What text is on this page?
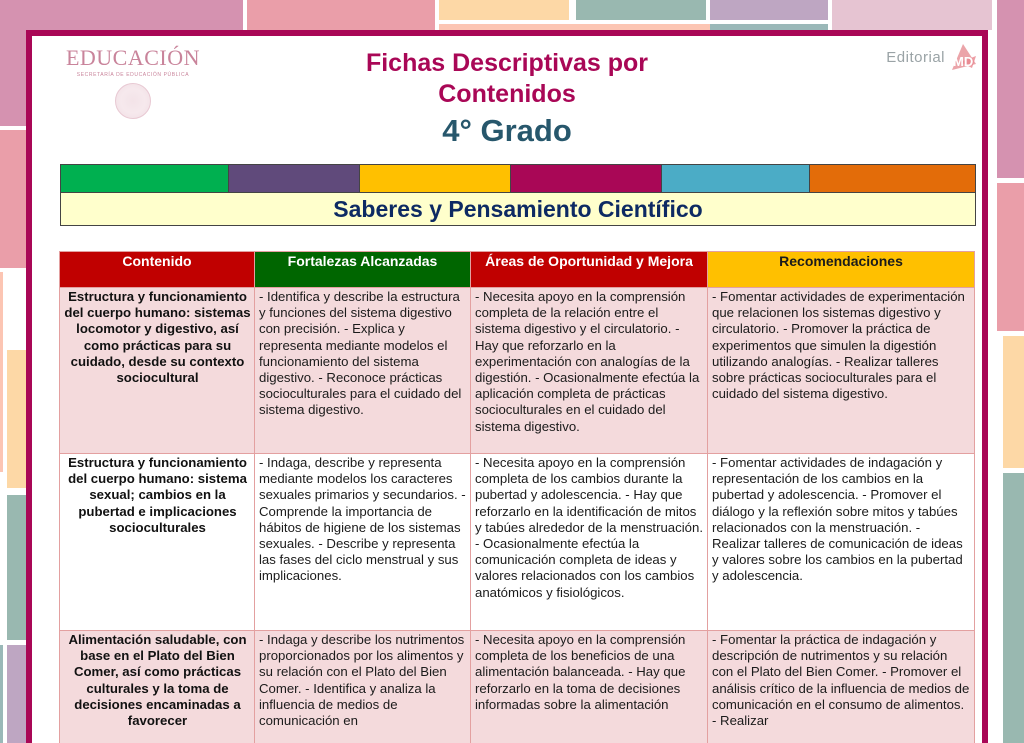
EDUCACIÓN
SECRETARÍA DE EDUCACIÓN PÚBLICA	Fichas Descriptivas por
Contenidos
4° Grado
Editorial MD
Saberes y Pensamiento Científico
Contenido	Fortalezas Alcanzadas	Áreas de Oportunidad y Mejora	Recomendaciones
Estructura y funcionamiento del cuerpo humano: sistemas locomotor y digestivo, así como prácticas para su cuidado, desde su contexto sociocultural	- Identifica y describe la estructura y funciones del sistema digestivo con precisión. - Explica y representa mediante modelos el funcionamiento del sistema digestivo. - Reconoce prácticas socioculturales para el cuidado del sistema digestivo.	- Necesita apoyo en la comprensión completa de la relación entre el sistema digestivo y el circulatorio. - Hay que reforzarlo en la experimentación con analogías de la digestión. - Ocasionalmente efectúa la aplicación completa de prácticas socioculturales en el cuidado del sistema digestivo.	- Fomentar actividades de experimentación que relacionen los sistemas digestivo y circulatorio. - Promover la práctica de experimentos que simulen la digestión utilizando analogías. - Realizar talleres sobre prácticas socioculturales para el cuidado del sistema digestivo.
Estructura y funcionamiento del cuerpo humano: sistema sexual; cambios en la pubertad e implicaciones socioculturales	- Indaga, describe y representa mediante modelos los caracteres sexuales primarios y secundarios. - Comprende la importancia de hábitos de higiene de los sistemas sexuales. - Describe y representa las fases del ciclo menstrual y sus implicaciones.	- Necesita apoyo en la comprensión completa de los cambios durante la pubertad y adolescencia. - Hay que reforzarlo en la identificación de mitos y tabúes alrededor de la menstruación. - Ocasionalmente efectúa la comunicación completa de ideas y valores relacionados con los cambios anatómicos y fisiológicos.	- Fomentar actividades de indagación y representación de los cambios en la pubertad y adolescencia. - Promover el diálogo y la reflexión sobre mitos y tabúes relacionados con la menstruación. - Realizar talleres de comunicación de ideas y valores sobre los cambios en la pubertad y adolescencia.
Alimentación saludable, con base en el Plato del Bien Comer, así como prácticas culturales y la toma de decisiones encaminadas a favorecer	- Indaga y describe los nutrimentos proporcionados por los alimentos y su relación con el Plato del Bien Comer. - Identifica y analiza la influencia de medios de comunicación en	- Necesita apoyo en la comprensión completa de los beneficios de una alimentación balanceada. - Hay que reforzarlo en la toma de decisiones informadas sobre la alimentación	- Fomentar la práctica de indagación y descripción de nutrimentos y su relación con el Plato del Bien Comer. - Promover el análisis crítico de la influencia de medios de comunicación en el consumo de alimentos. - Realizar
